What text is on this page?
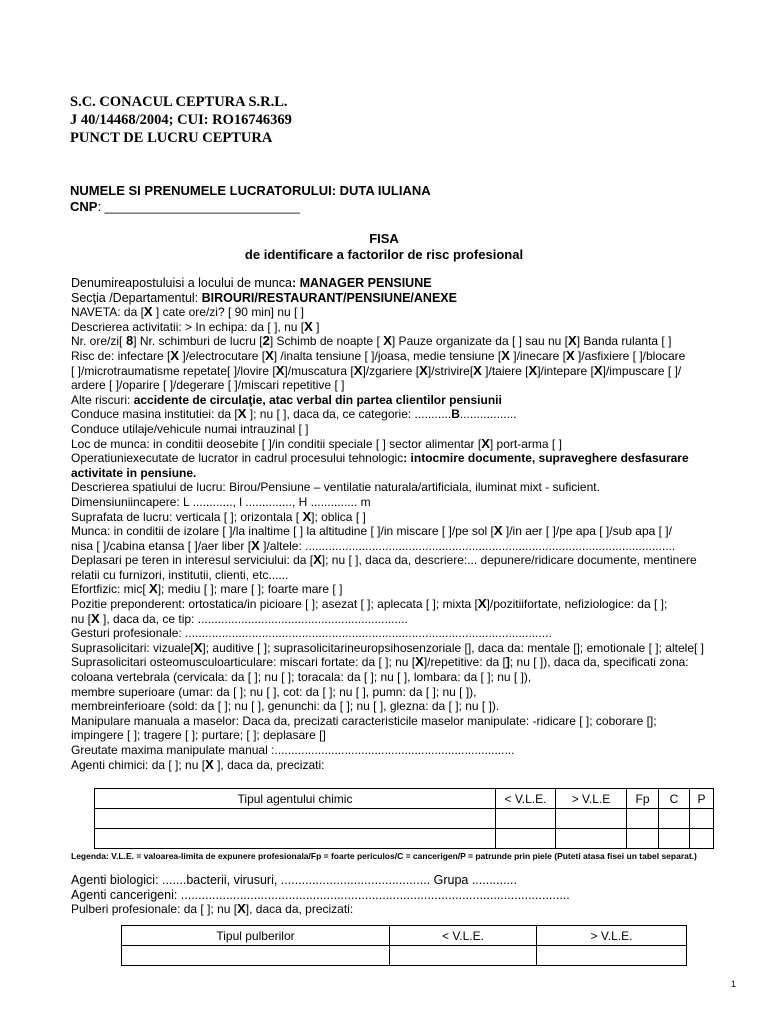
S.C. CONACUL CEPTURA S.R.L.
J 40/14468/2004; CUI: RO16746369
PUNCT DE LUCRU CEPTURA
NUMELE SI PRENUMELE LUCRATORULUI: DUTA IULIANA
CNP: ___________________________
FISA
de identificare a factorilor de risc profesional
Denumireapostuluisi a locului de munca: MANAGER PENSIUNE
Secţia /Departamentul: BIROURI/RESTAURANT/PENSIUNE/ANEXE
NAVETA: da [X ] cate ore/zi? [ 90 min] nu [ ]
Descrierea activitatii: > In echipa: da [ ], nu [X ]
Nr. ore/zi[ 8] Nr. schimburi de lucru [2] Schimb de noapte [ X] Pauze organizate da [ ] sau nu [X] Banda rulanta [ ]
Risc de: infectare [X ]/electrocutare [X] /inalta tensiune [ ]/joasa, medie tensiune [X ]/inecare [X ]/asfixiere [ ]/blocare
[ ]/microtraumatisme repetate[ ]/lovire [X]/muscatura [X]/zgariere [X]/strivire[X ]/taiere [X]/intepare [X]/impuscare [ ]/
ardere [ ]/oparire [ ]/degerare [ ]/miscari repetitive [ ]
Alte riscuri: accidente de circulaţie, atac verbal din partea clientilor pensiunii
Conduce masina institutiei: da [X ]; nu [ ], daca da, ce categorie: ...........B.................
Conduce utilaje/vehicule numai intrauzinal [ ]
Loc de munca: in conditii deosebite [ ]/in conditii speciale [ ] sector alimentar [X] port-arma [ ]
Operatiuniexecutate de lucrator in cadrul procesului tehnologic: intocmire documente, supraveghere desfasurare
activitate in pensiune.
Descrierea spatiului de lucru: Birou/Pensiune – ventilatie naturala/artificiala, iluminat mixt - suficient.
Dimensiuniincapere: L ............, l .............., H .............. m
Suprafata de lucru: verticala [ ]; orizontala [ X]; oblica [ ]
Munca: in conditii de izolare [ ]/la inaltime [ ] la altitudine [ ]/in miscare [ ]/pe sol [X ]/in aer [ ]/pe apa [ ]/sub apa [ ]/
nisa [ ]/cabina etansa [ ]/aer liber [X ]/altele: ...............................................................................................................
Deplasari pe teren in interesul serviciului: da [X]; nu [ ], daca da, descriere:... depunere/ridicare documente, mentinere
relatii cu furnizori, institutii, clienti, etc......
Efortfizic: mic[ X]; mediu [ ]; mare [ ]; foarte mare [ ]
Pozitie preponderent: ortostatica/in picioare [ ]; asezat [ ]; aplecata [ ]; mixta [X]/pozitiifortate, nefiziologice: da [ ];
nu [X ], daca da, ce tip: ...............................................................
Gesturi profesionale: ..............................................................................................................
Suprasolicitari: vizuale[X]; auditive [ ]; suprasolicitarineuropsihosenzoriale [], daca da: mentale []; emotionale [ ]; altele[ ]
Suprasolicitari osteomusculoarticulare: miscari fortate: da [ ]; nu [X]/repetitive: da []; nu [ ]), daca da, specificati zona:
coloana vertebrala (cervicala: da [ ]; nu [ ]; toracala: da [ ]; nu [ ], lombara: da [ ]; nu [ ]),
membre superioare (umar: da [ ]; nu [ ], cot: da [ ]; nu [ ], pumn: da [ ]; nu [ ]),
membreinferioare (sold: da [ ]; nu [ ], genunchi: da [ ]; nu [ ], glezna: da [ ]; nu [ ]).
Manipulare manuala a maselor: Daca da, precizati caracteristicile maselor manipulate: -ridicare [ ]; coborare [];
impingere [ ]; tragere [ ]; purtare; [ ]; deplasare []
Greutate maxima manipulate manual :........................................................................
Agenti chimici: da [ ]; nu [X ], daca da, precizati:
Tipul agentului chimic	< V.L.E.	> V.L.E	Fp	C	P

Legenda: V.L.E. = valoarea-limita de expunere profesionala/Fp = foarte periculos/C = cancerigen/P = patrunde prin piele (Puteti atasa fisei un tabel separat.)
Agenti biologici: .......bacterii, virusuri, ........................................... Grupa .............
Agenti cancerigeni: ................................................................................................................
Pulberi profesionale: da [ ]; nu [X], daca da, precizati:
Tipul pulberilor	< V.L.E.	> V.L.E.

1
